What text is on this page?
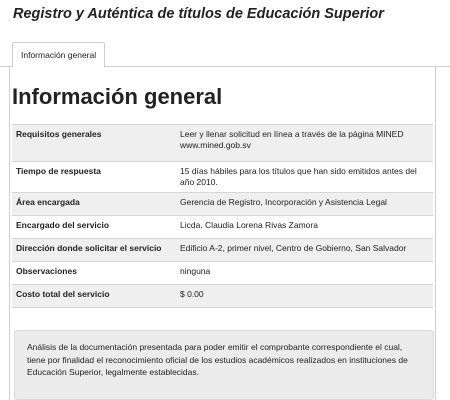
Registro y Auténtica de títulos de Educación Superior
Información general
Información general
Requisitos generales	Leer y llenar solicitud en línea a través de la página MINED www.mined.gob.sv
Tiempo de respuesta	15 días hábiles para los títulos que han sido emitidos antes del año 2010.
Área encargada	Gerencia de Registro, Incorporación y Asistencia Legal
Encargado del servicio	Licda. Claudia Lorena Rivas Zamora
Dirección donde solicitar el servicio	Edificio A-2, primer nivel, Centro de Gobierno, San Salvador
Observaciones	ninguna
Costo total del servicio	$ 0.00
Análisis de la documentación presentada para poder emitir el comprobante correspondiente el cual, tiene por finalidad el reconocimiento oficial de los estudios académicos realizados en instituciones de Educación Superior, legalmente establecidas.
